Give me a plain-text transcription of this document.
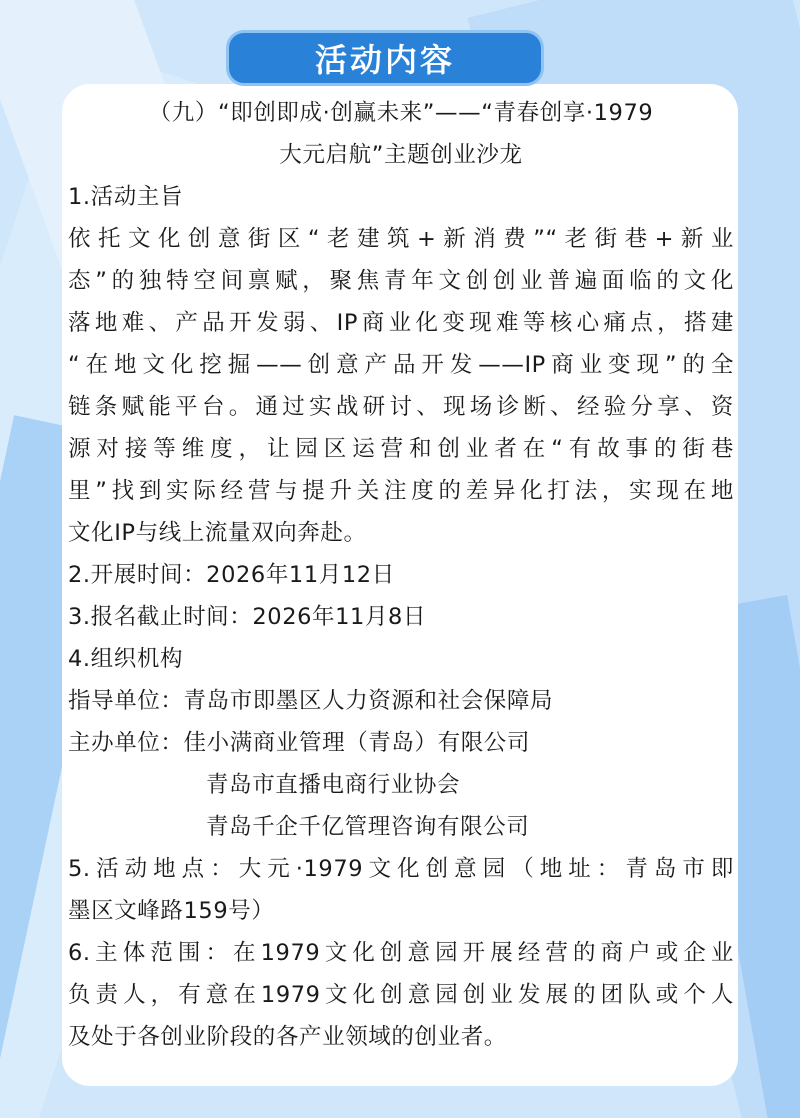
活动内容
（九）“即创即成·创赢未来”——“青春创享·1979
大元启航”主题创业沙龙
1.活动主旨
依托文化创意街区“老建筑+新消费”“老街巷+新业
态”的独特空间禀赋，聚焦青年文创创业普遍面临的文化
落地难、产品开发弱、IP商业化变现难等核心痛点，搭建
“在地文化挖掘——创意产品开发——IP商业变现”的全
链条赋能平台。通过实战研讨、现场诊断、经验分享、资
源对接等维度，让园区运营和创业者在“有故事的街巷
里”找到实际经营与提升关注度的差异化打法，实现在地
文化IP与线上流量双向奔赴。
2.开展时间：2026年11月12日
3.报名截止时间：2026年11月8日
4.组织机构
指导单位：青岛市即墨区人力资源和社会保障局
主办单位：佳小满商业管理（青岛）有限公司
青岛市直播电商行业协会
青岛千企千亿管理咨询有限公司
5.活动地点：大元·1979文化创意园（地址：青岛市即
墨区文峰路159号）
6.主体范围：在1979文化创意园开展经营的商户或企业
负责人，有意在1979文化创意园创业发展的团队或个人
及处于各创业阶段的各产业领域的创业者。
